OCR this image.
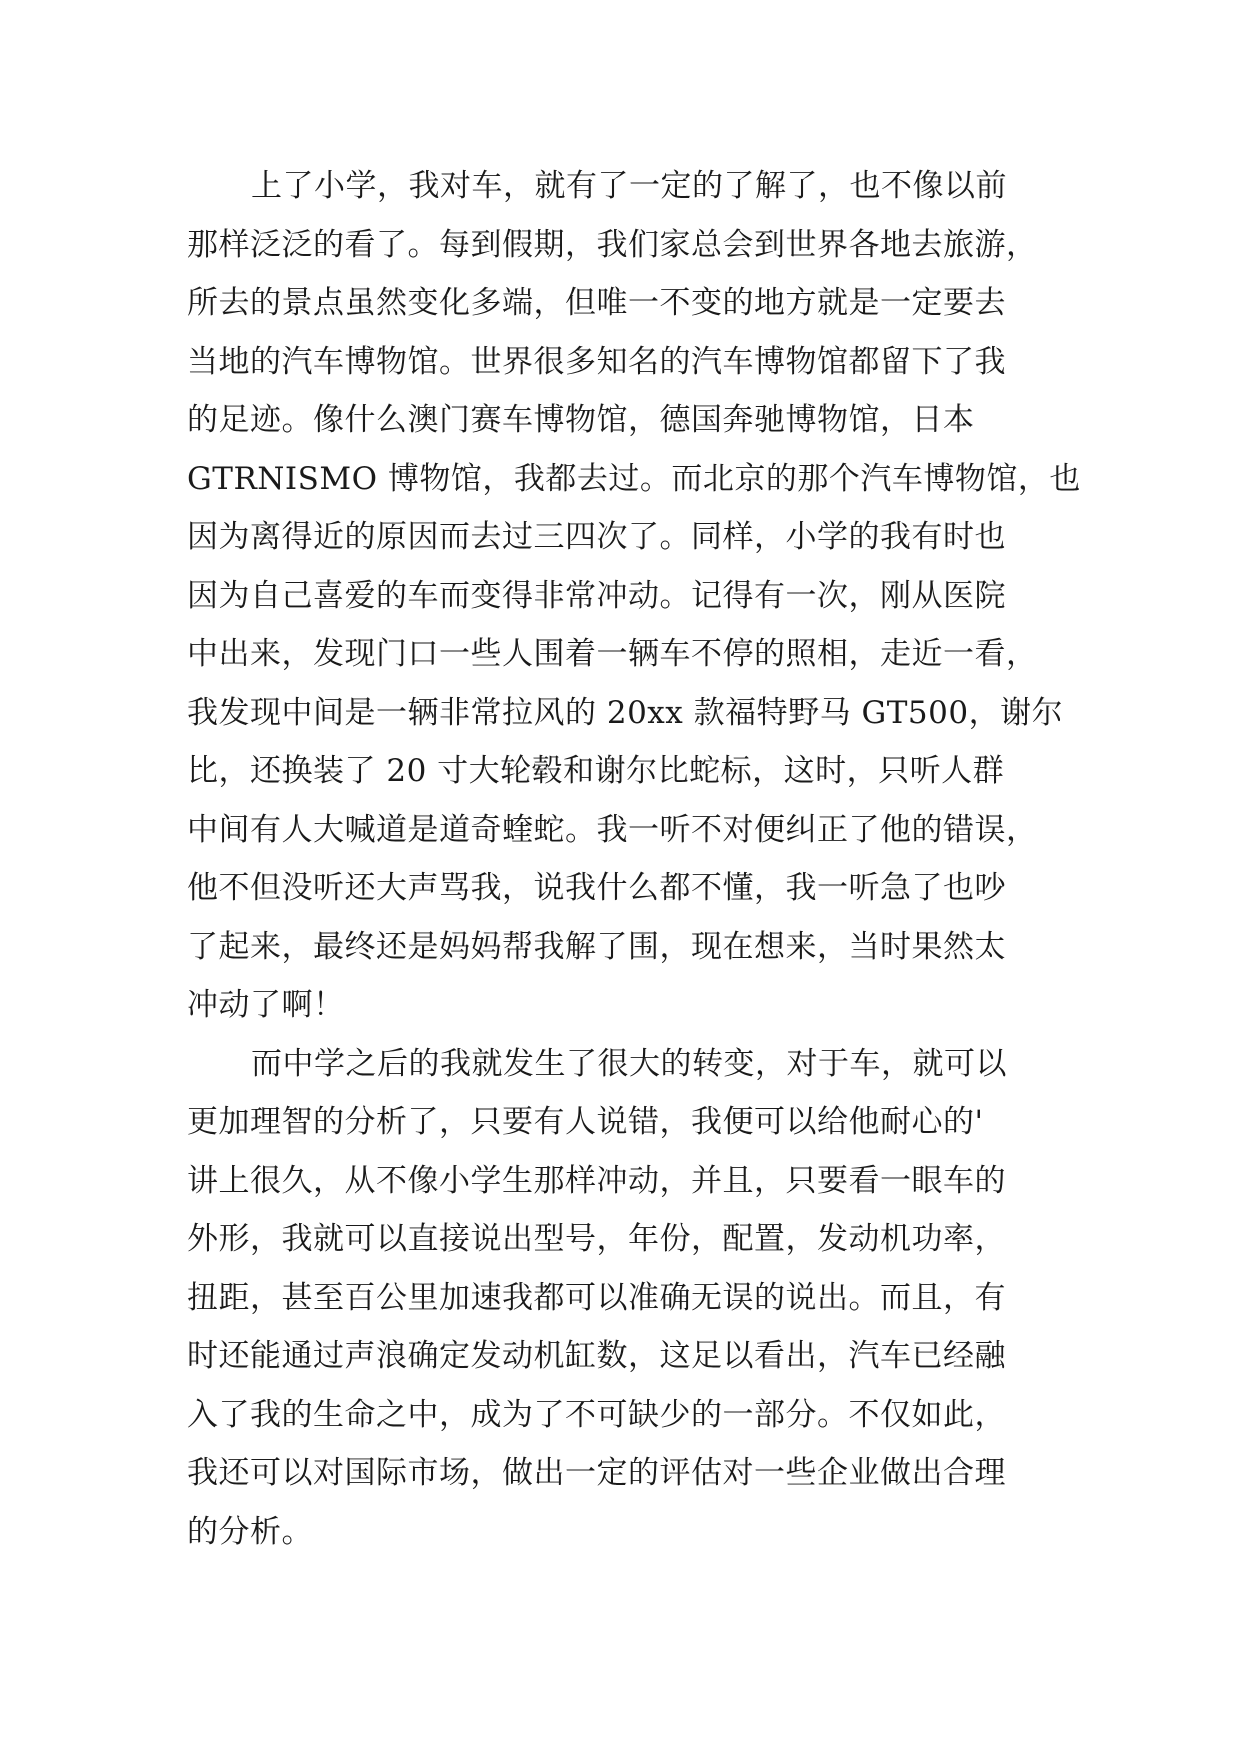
上了小学，我对车，就有了一定的了解了，也不像以前
那样泛泛的看了。每到假期，我们家总会到世界各地去旅游，
所去的景点虽然变化多端，但唯一不变的地方就是一定要去
当地的汽车博物馆。世界很多知名的汽车博物馆都留下了我
的足迹。像什么澳门赛车博物馆，德国奔驰博物馆，日本
GTRNISMO 博物馆，我都去过。而北京的那个汽车博物馆，也
因为离得近的原因而去过三四次了。同样，小学的我有时也
因为自己喜爱的车而变得非常冲动。记得有一次，刚从医院
中出来，发现门口一些人围着一辆车不停的照相，走近一看，
我发现中间是一辆非常拉风的 20xx 款福特野马 GT500，谢尔
比，还换装了 20 寸大轮毂和谢尔比蛇标，这时，只听人群
中间有人大喊道是道奇蝰蛇。我一听不对便纠正了他的错误，
他不但没听还大声骂我，说我什么都不懂，我一听急了也吵
了起来，最终还是妈妈帮我解了围，现在想来，当时果然太
冲动了啊！

而中学之后的我就发生了很大的转变，对于车，就可以
更加理智的分析了，只要有人说错，我便可以给他耐心的'
讲上很久，从不像小学生那样冲动，并且，只要看一眼车的
外形，我就可以直接说出型号，年份，配置，发动机功率，
扭距，甚至百公里加速我都可以准确无误的说出。而且，有
时还能通过声浪确定发动机缸数，这足以看出，汽车已经融
入了我的生命之中，成为了不可缺少的一部分。不仅如此，
我还可以对国际市场，做出一定的评估对一些企业做出合理
的分析。
